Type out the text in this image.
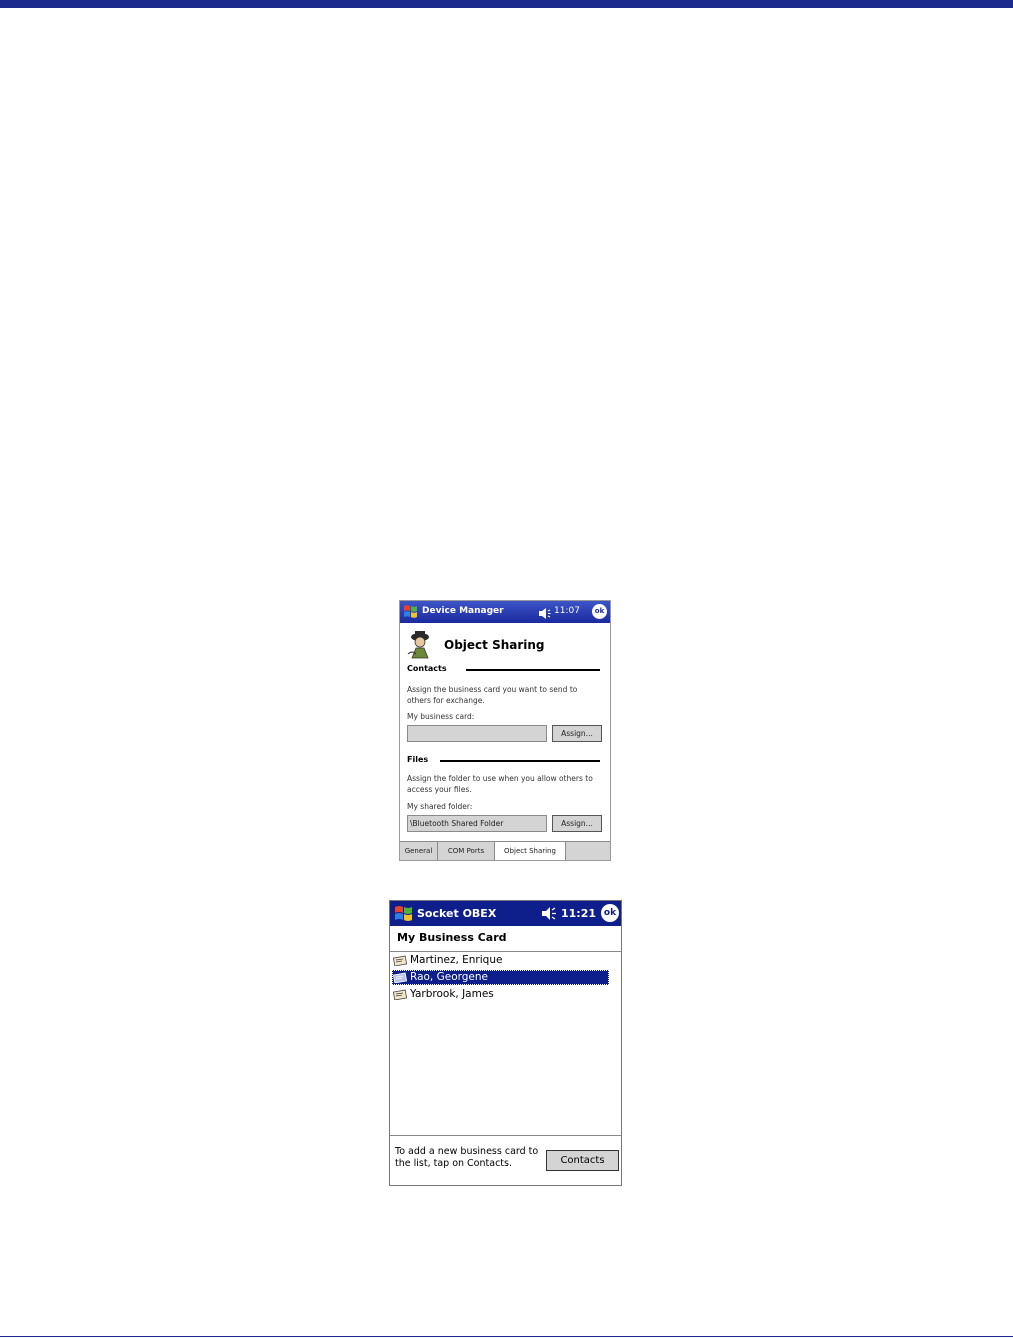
Device Manager	11:07	ok
Object Sharing
Contacts
Assign the business card you want to send to others for exchange.
My business card:
Assign...
Files
Assign the folder to use when you allow others to access your files.
My shared folder:
\Bluetooth Shared Folder	Assign...
General	COM Ports	Object Sharing
Socket OBEX	11:21 ok
My Business Card
Martinez, Enrique
Rao, Georgene
Yarbrook, James
To add a new business card to the list, tap on Contacts.	Contacts
